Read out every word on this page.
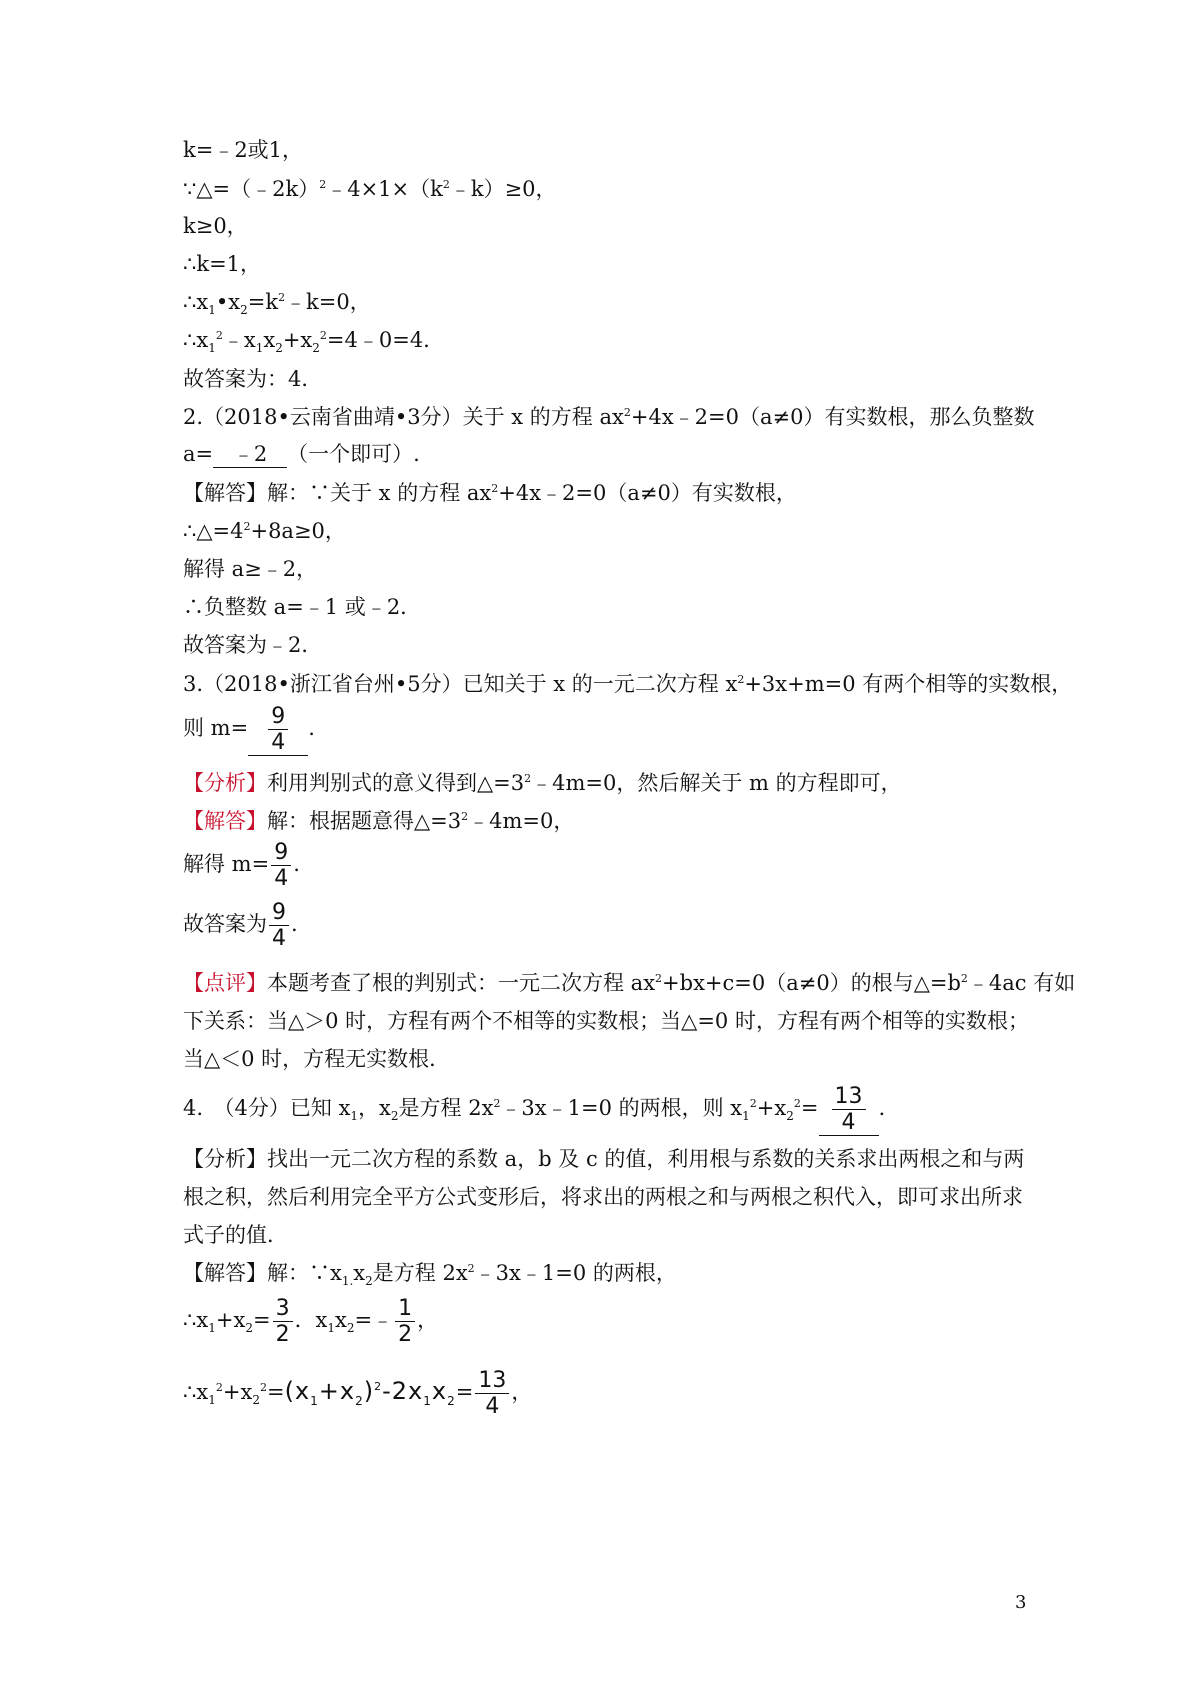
k=﹣2或1，
$\because\triangle=(﹣2k)^2﹣4\times 1\times(k^2﹣k)\ge 0$，
k≥0，
∴k=1，
$\therefore x_1•x_2=k^2﹣k=0$，
$\therefore x_1^2﹣x_1x_2+x_2^2=4﹣0=4$．
故答案为：4．
2.（2018•云南省曲靖•3分）关于 x 的方程 $ax^2+4x﹣2=0(a\ne 0)$有实数根，那么负整数
a= ﹣2 （一个即可）.
【解答】解：∵关于 x 的方程 $ax^2+4x﹣2=0(a\ne 0)$有实数根，
$\therefore\triangle=4^2+8a\ge 0$，
解得 a≥﹣2，
∴负整数 a=﹣1 或﹣2．
故答案为﹣2．
3.（2018•浙江省台州•5分）已知关于 x 的一元二次方程 $x^2+3x+m=0$ 有两个相等的实数根，
则 $m= \frac{9}{4}$ .
【分析】利用判别式的意义得到$\triangle=3^2﹣4m=0$，然后解关于 m 的方程即可，
【解答】解：根据题意得$\triangle=3^2﹣4m=0$，
解得 $m= \frac{9}{4}$ .
故答案为 $\frac{9}{4}$ .
【点评】本题考查了根的判别式：一元二次方程 $ax^2+bx+c=0(a\ne 0)$的根与$\triangle=b^2﹣4ac$ 有如
下关系：当△＞0 时，方程有两个不相等的实数根；当△=0 时，方程有两个相等的实数根；
当△＜0 时，方程无实数根．
4.　（4分）已知 $x_1$，$x_2$是方程 $2x^2﹣3x﹣1=0$ 的两根，则 $x_1^2+x_2^2= \frac{13}{4}$ .
【分析】找出一元二次方程的系数 a，b 及 c 的值，利用根与系数的关系求出两根之和与两
根之积，然后利用完全平方公式变形后，将求出的两根之和与两根之积代入，即可求出所求
式子的值．
【解答】解：$\because x_{1.}x_2$是方程 $2x^2﹣3x﹣1=0$ 的两根，
$\therefore x_1+x_2= \frac{3}{2}$ ．$x_1x_2=﹣ \frac{1}{2}$ ，
$\therefore x_1^2+x_2^2=(x_1+x_2)^2-2x_1x_2= \frac{13}{4}$ ，
3
